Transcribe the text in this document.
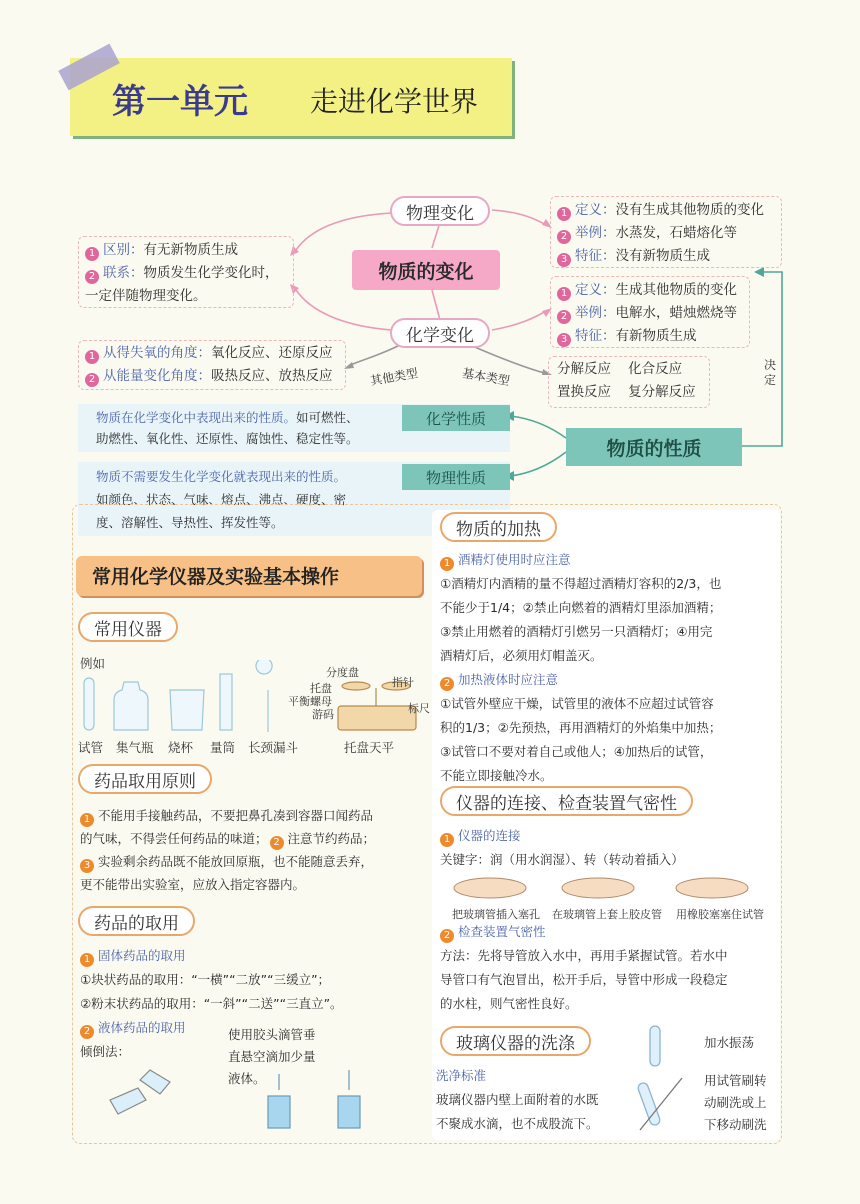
第一单元 走进化学世界
物理变化	1 定义：没有生成其他物质的变化
2 举例：水蒸发，石蜡熔化等
3 特征：没有新物质生成
物质的变化
1 区别：有无新物质生成
2 联系：物质发生化学变化时，
一定伴随物理变化。
化学变化
1 定义：生成其他物质的变化
2 举例：电解水，蜡烛燃烧等
3 特征：有新物质生成
1 从得失氧的角度：氧化反应、还原反应
2 从能量变化角度：吸热反应、放热反应	其他类型	基本类型	分解反应 化合反应
置换反应 复分解反应
决定
物质的性质
物质在化学变化中表现出来的性质。如可燃性、
助燃性、氧化性、还原性、腐蚀性、稳定性等。
化学性质
物质不需要发生化学变化就表现出来的性质。
如颜色、状态、气味、熔点、沸点、硬度、密
度、溶解性、导热性、挥发性等。
物理性质
常用化学仪器及实验基本操作
常用仪器
例如
试管 集气瓶 烧杯 量筒 长颈漏斗	托盘天平
分度盘
指针
托盘
平衡螺母
游码	标尺
药品取用原则
1 不能用手接触药品，不要把鼻孔凑到容器口闻药品
的气味，不得尝任何药品的味道； 2 注意节约药品；
3 实验剩余药品既不能放回原瓶，也不能随意丢弃，
更不能带出实验室，应放入指定容器内。
药品的取用
1 固体药品的取用
①块状药品的取用：“一横”“二放”“三缓立”；
②粉末状药品的取用：“一斜”“二送”“三直立”。
2 液体药品的取用
倾倒法：
使用胶头滴管垂
直悬空滴加少量
液体。
物质的加热
1 酒精灯使用时应注意
①酒精灯内酒精的量不得超过酒精灯容积的2/3，也
不能少于1/4；②禁止向燃着的酒精灯里添加酒精；
③禁止用燃着的酒精灯引燃另一只酒精灯；④用完
酒精灯后，必须用灯帽盖灭。
2 加热液体时应注意
①试管外壁应干燥，试管里的液体不应超过试管容
积的1/3；②先预热，再用酒精灯的外焰集中加热；
③试管口不要对着自己或他人；④加热后的试管，
不能立即接触冷水。
仪器的连接、检查装置气密性
1 仪器的连接
关键字：润（用水润湿）、转（转动着插入）
把玻璃管插入塞孔 在玻璃管上套上胶皮管 用橡胶塞塞住试管
2 检查装置气密性
方法：先将导管放入水中，再用手紧握试管。若水中
导管口有气泡冒出，松开手后，导管中形成一段稳定
的水柱，则气密性良好。
玻璃仪器的洗涤
洗净标准
玻璃仪器内壁上面附着的水既
不聚成水滴，也不成股流下。
加水振荡
用试管刷转
动刷洗或上
下移动刷洗
